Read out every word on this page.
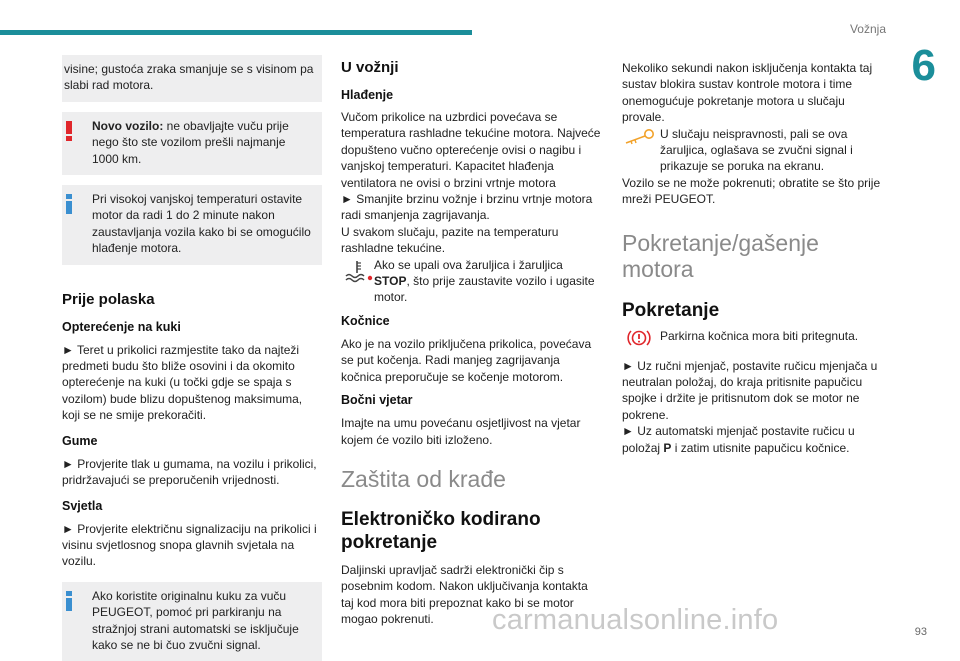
Vožnja
6
visine; gustoća zraka smanjuje se s visinom pa slabi rad motora.
Novo vozilo: ne obavljajte vuču prije nego što ste vozilom prešli najmanje 1000 km.
Pri visokoj vanjskoj temperaturi ostavite motor da radi 1 do 2 minute nakon zaustavljanja vozila kako bi se omogućilo hlađenje motora.
Prije polaska
Opterećenje na kuki
► Teret u prikolici razmjestite tako da najteži predmeti budu što bliže osovini i da okomito opterećenje na kuki (u točki gdje se spaja s vozilom) bude blizu dopuštenog maksimuma, koji se ne smije prekoračiti.
Gume
► Provjerite tlak u gumama, na vozilu i prikolici, pridržavajući se preporučenih vrijednosti.
Svjetla
► Provjerite električnu signalizaciju na prikolici i visinu svjetlosnog snopa glavnih svjetala na vozilu.
Ako koristite originalnu kuku za vuču PEUGEOT, pomoć pri parkiranju na stražnjoj strani automatski se isključuje kako se ne bi čuo zvučni signal.
U vožnji
Hlađenje
Vučom prikolice na uzbrdici povećava se temperatura rashladne tekućine motora. Najveće dopušteno vučno opterećenje ovisi o nagibu i vanjskoj temperaturi. Kapacitet hlađenja ventilatora ne ovisi o brzini vrtnje motora
► Smanjite brzinu vožnje i brzinu vrtnje motora radi smanjenja zagrijavanja.
U svakom slučaju, pazite na temperaturu rashladne tekućine.
Ako se upali ova žaruljica i žaruljica
STOP, što prije zaustavite vozilo i ugasite motor.
Kočnice
Ako je na vozilo priključena prikolica, povećava se put kočenja. Radi manjeg zagrijavanja kočnica preporučuje se kočenje motorom.
Bočni vjetar
Imajte na umu povećanu osjetljivost na vjetar kojem će vozilo biti izloženo.
Zaštita od krađe
Elektroničko kodirano pokretanje
Daljinski upravljač sadrži elektronički čip s posebnim kodom. Nakon uključivanja kontakta taj kod mora biti prepoznat kako bi se motor mogao pokrenuti.
Nekoliko sekundi nakon isključenja kontakta taj sustav blokira sustav kontrole motora i time onemogućuje pokretanje motora u slučaju provale.
U slučaju neispravnosti, pali se ova žaruljica, oglašava se zvučni signal i prikazuje se poruka na ekranu.
Vozilo se ne može pokrenuti; obratite se što prije mreži PEUGEOT.
Pokretanje/gašenje motora
Pokretanje
Parkirna kočnica mora biti pritegnuta.
► Uz ručni mjenjač, postavite ručicu mjenjača u neutralan položaj, do kraja pritisnite papučicu spojke i držite je pritisnutom dok se motor ne pokrene.
► Uz automatski mjenjač postavite ručicu u položaj P i zatim utisnite papučicu kočnice.
carmanualsonline.info	93
